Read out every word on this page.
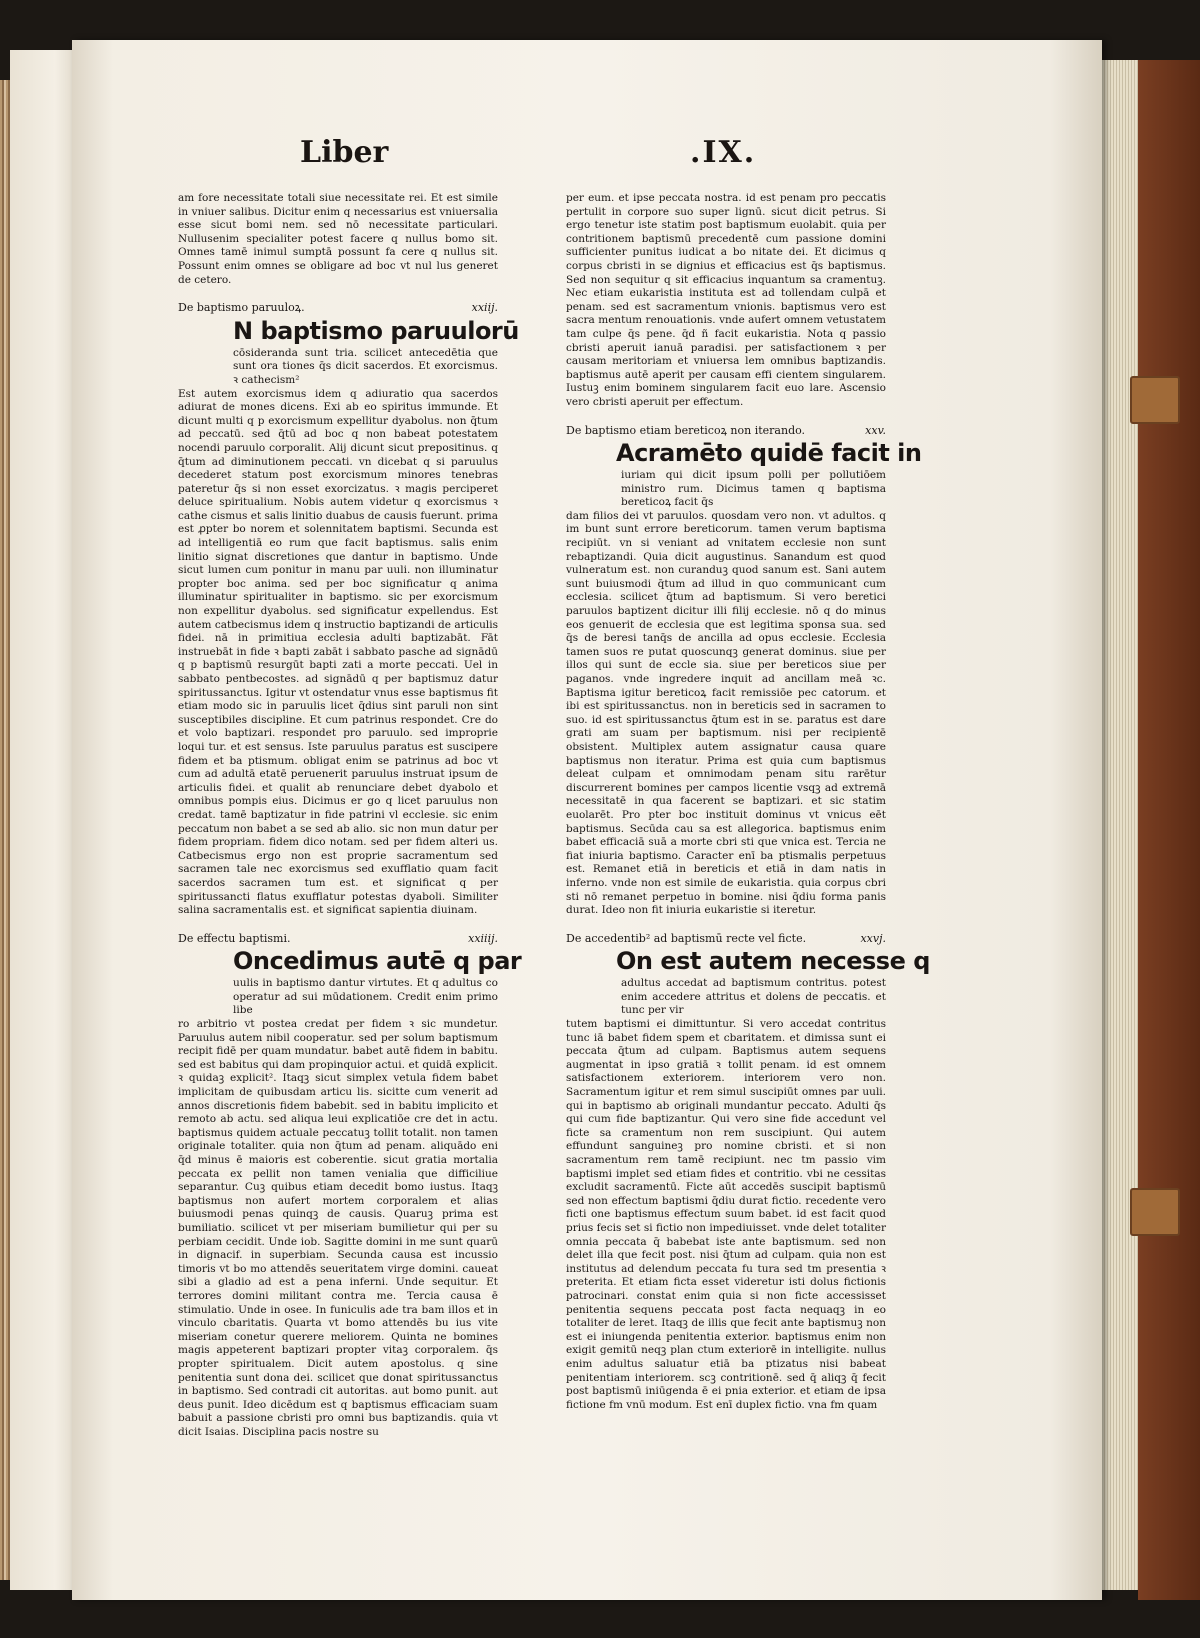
Liber	.IX.

am fore necessitate totali siue necessitate rei. Et est simile in vniuer salibus. Dicitur enim q necessarius est vniuersalia esse sicut bomi nem. sed nō necessitate particulari. Nullusenim specialiter potest facere q nullus bomo sit. Omnes tamē inimul sumptā possunt fa cere q nullus sit. Possunt enim omnes se obligare ad boc vt nul lus generet de cetero.

De baptismo paruuloꝝ.	xxiij.
N baptismo paruulorū
cōsideranda sunt tria. scilicet antecedētia que sunt ora tiones q̄s dicit sacerdos. Et exorcismus. ꝛ cathecism²

Est autem exorcismus idem q adiuratio qua sacerdos adiurat de mones dicens. Exi ab eo spiritus immunde. Et dicunt multi q p exorcismum expellitur dyabolus. non q̄tum ad peccatū. sed q̄tū ad boc q non babeat potestatem nocendi paruulo corporalit. Alij dicunt sicut prepositinus. q q̄tum ad diminutionem peccati. vn dicebat q si paruulus decederet statum post exorcismum minores tenebras pateretur q̄s si non esset exorcizatus. ꝛ magis perciperet deluce spiritualium. Nobis autem videtur q exorcismus ꝛ cathe cismus et salis linitio duabus de causis fuerunt. prima est ꝓpter bo norem et solennitatem baptismi. Secunda est ad intelligentiā eo rum que facit baptismus. salis enim linitio signat discretiones que dantur in baptismo. Unde sicut lumen cum ponitur in manu par uuli. non illuminatur propter boc anima. sed per boc significatur q anima illuminatur spiritualiter in baptismo. sic per exorcismum non expellitur dyabolus. sed significatur expellendus. Est autem catbecismus idem q instructio baptizandi de articulis fidei. nā in primitiua ecclesia adulti baptizabāt. Fāt instruebāt in fide ꝛ bapti zabāt i sabbato pasche ad signādū q p baptismū resurgūt bapti zati a morte peccati. Uel in sabbato pentbecostes. ad signādū q per baptismuz datur spiritussanctus. Igitur vt ostendatur vnus esse baptismus fit etiam modo sic in paruulis licet q̄dius sint paruli non sint susceptibiles discipline. Et cum patrinus respondet. Cre do et volo baptizari. respondet pro paruulo. sed improprie loqui tur. et est sensus. Iste paruulus paratus est suscipere fidem et ba ptismum. obligat enim se patrinus ad boc vt cum ad adultā etatē peruenerit paruulus instruat ipsum de articulis fidei. et qualit ab renunciare debet dyabolo et omnibus pompis eius. Dicimus er go q licet paruulus non credat. tamē baptizatur in fide patrini vl ecclesie. sic enim peccatum non babet a se sed ab alio. sic non mun datur per fidem propriam. fidem dico notam. sed per fidem alteri us. Catbecismus ergo non est proprie sacramentum sed sacramen tale nec exorcismus sed exufflatio quam facit sacerdos sacramen tum est. et significat q per spiritussancti flatus exufflatur potestas dyaboli. Similiter salina sacramentalis est. et significat sapientia diuinam.

De effectu baptismi.	xxiiij.
Oncedimus autē q par
uulis in baptismo dantur virtutes. Et q adultus co operatur ad sui mūdationem. Credit enim primo libe

ro arbitrio vt postea credat per fidem ꝛ sic mundetur. Paruulus autem nibil cooperatur. sed per solum baptismum recipit fidē per quam mundatur. babet autē fidem in babitu. sed est babitus qui dam propinquior actui. et quidā explicit. ꝛ quidaꝫ explicit². Itaqꝫ sicut simplex vetula fidem babet implicitam de quibusdam articu lis. sicitte cum venerit ad annos discretionis fidem babebit. sed in babitu implicito et remoto ab actu. sed aliqua leui explicatiōe cre det in actu. baptismus quidem actuale peccatuꝫ tollit totalit. non tamen originale totaliter. quia non q̄tum ad penam. aliquādo eni q̄d minus ē maioris est coberentie. sicut gratia mortalia peccata ex pellit non tamen venialia que difficiliue separantur. Cuꝫ quibus etiam decedit bomo iustus. Itaqꝫ baptismus non aufert mortem corporalem et alias buiusmodi penas quinqꝫ de causis. Quaruꝫ prima est bumiliatio. scilicet vt per miseriam bumilietur qui per su perbiam cecidit. Unde iob. Sagitte domini in me sunt quarū in dignacif. in superbiam. Secunda causa est incussio timoris vt bo mo attendēs seueritatem virge domini. caueat sibi a gladio ad est a pena inferni. Unde sequitur. Et terrores domini militant contra me. Tercia causa ē stimulatio. Unde in osee. In funiculis ade tra bam illos et in vinculo cbaritatis. Quarta vt bomo attendēs bu ius vite miseriam conetur querere meliorem. Quinta ne bomines magis appeterent baptizari propter vitaꝫ corporalem. q̄s propter spiritualem. Dicit autem apostolus. q sine penitentia sunt dona dei. scilicet que donat spiritussanctus in baptismo. Sed contradi cit autoritas. aut bomo punit. aut deus punit. Ideo dicēdum est q baptismus efficaciam suam babuit a passione cbristi pro omni bus baptizandis. quia vt dicit Isaias. Disciplina pacis nostre su

per eum. et ipse peccata nostra. id est penam pro peccatis pertulit in corpore suo super lignū. sicut dicit petrus. Si ergo tenetur iste statim post baptismum euolabit. quia per contritionem baptismū precedentē cum passione domini sufficienter punitus iudicat a bo nitate dei. Et dicimus q corpus cbristi in se dignius et efficacius est q̄s baptismus. Sed non sequitur q sit efficacius inquantum sa cramentuꝫ. Nec etiam eukaristia instituta est ad tollendam culpā et penam. sed est sacramentum vnionis. baptismus vero est sacra mentum renouationis. vnde aufert omnem vetustatem tam culpe q̄s pene. q̄d ñ facit eukaristia. Nota q passio cbristi aperuit ianuā paradisi. per satisfactionem ꝛ per causam meritoriam et vniuersa lem omnibus baptizandis. baptismus autē aperit per causam effi cientem singularem. Iustuꝫ enim bominem singularem facit euo lare. Ascensio vero cbristi aperuit per effectum.

De baptismo etiam bereticoꝝ non iterando.	xxv.
Acramēto quidē facit in
iuriam qui dicit ipsum polli per pollutiōem ministro rum. Dicimus tamen q baptisma bereticoꝝ facit q̄s

dam filios dei vt paruulos. quosdam vero non. vt adultos. q im bunt sunt errore bereticorum. tamen verum baptisma recipiūt. vn si veniant ad vnitatem ecclesie non sunt rebaptizandi. Quia dicit augustinus. Sanandum est quod vulneratum est. non curanduꝫ quod sanum est. Sani autem sunt buiusmodi q̄tum ad illud in quo communicant cum ecclesia. scilicet q̄tum ad baptismum. Si vero beretici paruulos baptizent dicitur illi filij ecclesie. nō q do minus eos genuerit de ecclesia que est legitima sponsa sua. sed q̄s de beresi tanq̄s de ancilla ad opus ecclesie. Ecclesia tamen suos re putat quoscunqꝫ generat dominus. siue per illos qui sunt de eccle sia. siue per bereticos siue per paganos. vnde ingredere inquit ad ancillam meā ꝛc. Baptisma igitur bereticoꝝ facit remissiōe pec catorum. et ibi est spiritussanctus. non in bereticis sed in sacramen to suo. id est spiritussanctus q̄tum est in se. paratus est dare grati am suam per baptismum. nisi per recipientē obsistent. Multiplex autem assignatur causa quare baptismus non iteratur. Prima est quia cum baptismus deleat culpam et omnimodam penam situ rarētur discurrerent bomines per campos licentie vsqꝫ ad extremā necessitatē in qua facerent se baptizari. et sic statim euolarēt. Pro pter boc instituit dominus vt vnicus eēt baptismus. Secūda cau sa est allegorica. baptismus enim babet efficaciā suā a morte cbri sti que vnica est. Tercia ne fiat iniuria baptismo. Caracter enī ba ptismalis perpetuus est. Remanet etiā in bereticis et etiā in dam natis in inferno. vnde non est simile de eukaristia. quia corpus cbri sti nō remanet perpetuo in bomine. nisi q̄diu forma panis durat. Ideo non fit iniuria eukaristie si iteretur.

De accedentib² ad baptismū recte vel ficte.	xxvj.
On est autem necesse q
adultus accedat ad baptismum contritus. potest enim accedere attritus et dolens de peccatis. et tunc per vir

tutem baptismi ei dimittuntur. Si vero accedat contritus tunc iā babet fidem spem et cbaritatem. et dimissa sunt ei peccata q̄tum ad culpam. Baptismus autem sequens augmentat in ipso gratiā ꝛ tollit penam. id est omnem satisfactionem exteriorem. interiorem vero non. Sacramentum igitur et rem simul suscipiūt omnes par uuli. qui in baptismo ab originali mundantur peccato. Adulti q̄s qui cum fide baptizantur. Qui vero sine fide accedunt vel ficte sa cramentum non rem suscipiunt. Qui autem effundunt sanguineꝫ pro nomine cbristi. et si non sacramentum rem tamē recipiunt. nec tm passio vim baptismi implet sed etiam fides et contritio. vbi ne cessitas excludit sacramentū. Ficte aūt accedēs suscipit baptismū sed non effectum baptismi q̄diu durat fictio. recedente vero ficti one baptismus effectum suum babet. id est facit quod prius fecis set si fictio non impediuisset. vnde delet totaliter omnia peccata q̄ babebat iste ante baptismum. sed non delet illa que fecit post. nisi q̄tum ad culpam. quia non est institutus ad delendum peccata fu tura sed tm presentia ꝛ preterita. Et etiam ficta esset videretur isti dolus fictionis patrocinari. constat enim quia si non ficte accessisset penitentia sequens peccata post facta nequaqꝫ in eo totaliter de leret. Itaqꝫ de illis que fecit ante baptismuꝫ non est ei iniungenda penitentia exterior. baptismus enim non exigit gemitū neqꝫ plan ctum exteriorē in intelligite. nullus enim adultus saluatur etiā ba ptizatus nisi babeat penitentiam interiorem. scꝫ contritionē. sed q̄ aliqꝫ q̄ fecit post baptismū iniūgenda ē ei pnia exterior. et etiam de ipsa fictione fm vnū modum. Est enī duplex fictio. vna fm quam
